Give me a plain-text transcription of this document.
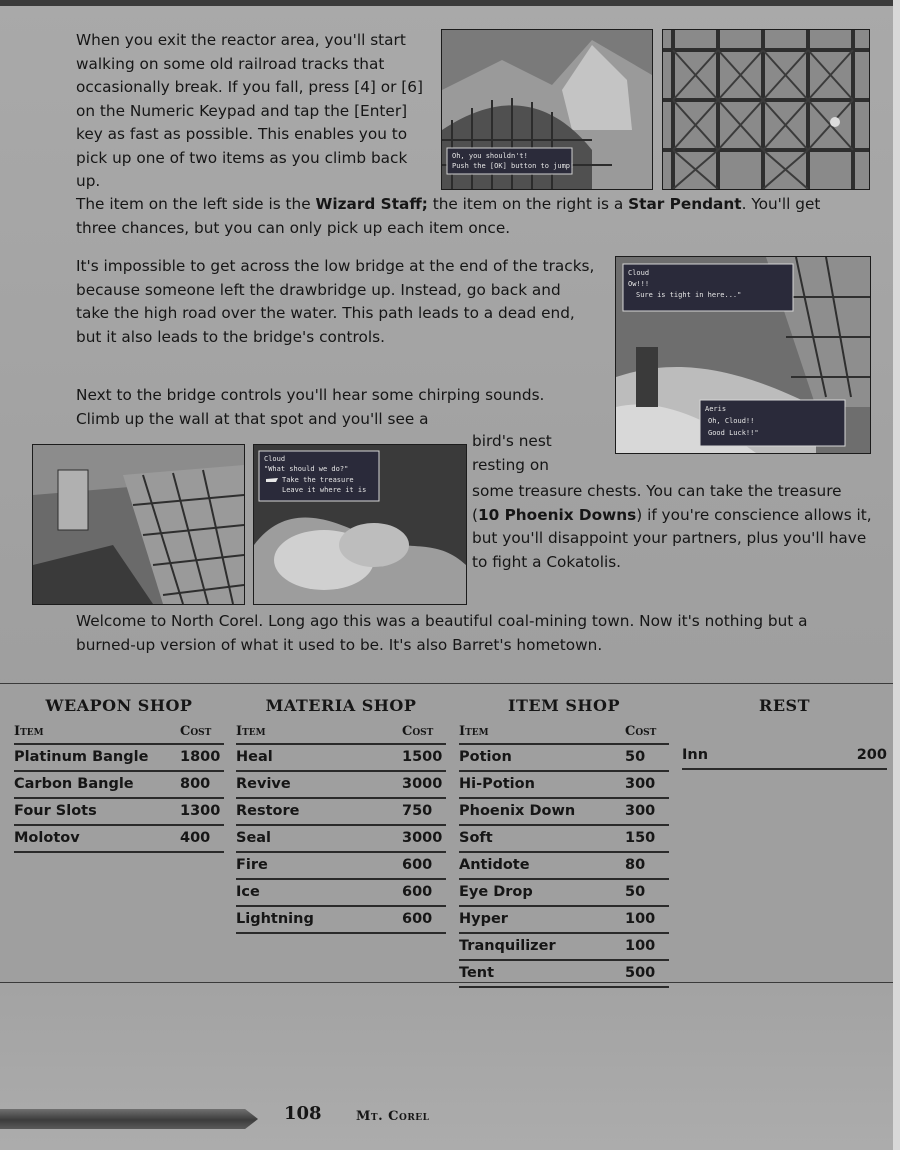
When you exit the reactor area, you'll start walking on some old railroad tracks that occasionally break. If you fall, press [4] or [6] on the Numeric Keypad and tap the [Enter] key as fast as possible. This enables you to pick up one of two items as you climb back up.

The item on the left side is the Wizard Staff; the item on the right is a Star Pendant. You'll get three chances, but you can only pick up each item once.

Oh, you shouldn't!
Push the [OK] button to jump!

It's impossible to get across the low bridge at the end of the tracks, because someone left the drawbridge up. Instead, go back and take the high road over the water. This path leads to a dead end, but it also leads to the bridge's controls.

Cloud
Ow!!!
Sure is tight in here..."
Aeris
Oh, Cloud!!
Good Luck!!"

Next to the bridge controls you'll hear some chirping sounds. Climb up the wall at that spot and you'll see a

bird's nest resting on

some treasure chests. You can take the treasure (10 Phoenix Downs) if you're conscience allows it, but you'll disappoint your partners, plus you'll have to fight a Cokatolis.

Cloud
"What should we do?"
Take the treasure
Leave it where it is

Welcome to North Corel. Long ago this was a beautiful coal-mining town. Now it's nothing but a burned-up version of what it used to be. It's also Barret's hometown.

WEAPON SHOP
Item	Cost
Platinum Bangle 1800
Carbon Bangle	800
Four Slots	1300
Molotov	400
MATERIA SHOP
Item	Cost
Heal	1500
Revive	3000
Restore	750
Seal	3000
Fire	600
Ice	600
Lightning	600
ITEM SHOP
Item	Cost
Potion	50
Hi-Potion	300
Phoenix Down	300
Soft	150
Antidote	80
Eye Drop	50
Hyper	100
Tranquilizer	100
Tent	500
REST
Inn	200
108	Mt. Corel
